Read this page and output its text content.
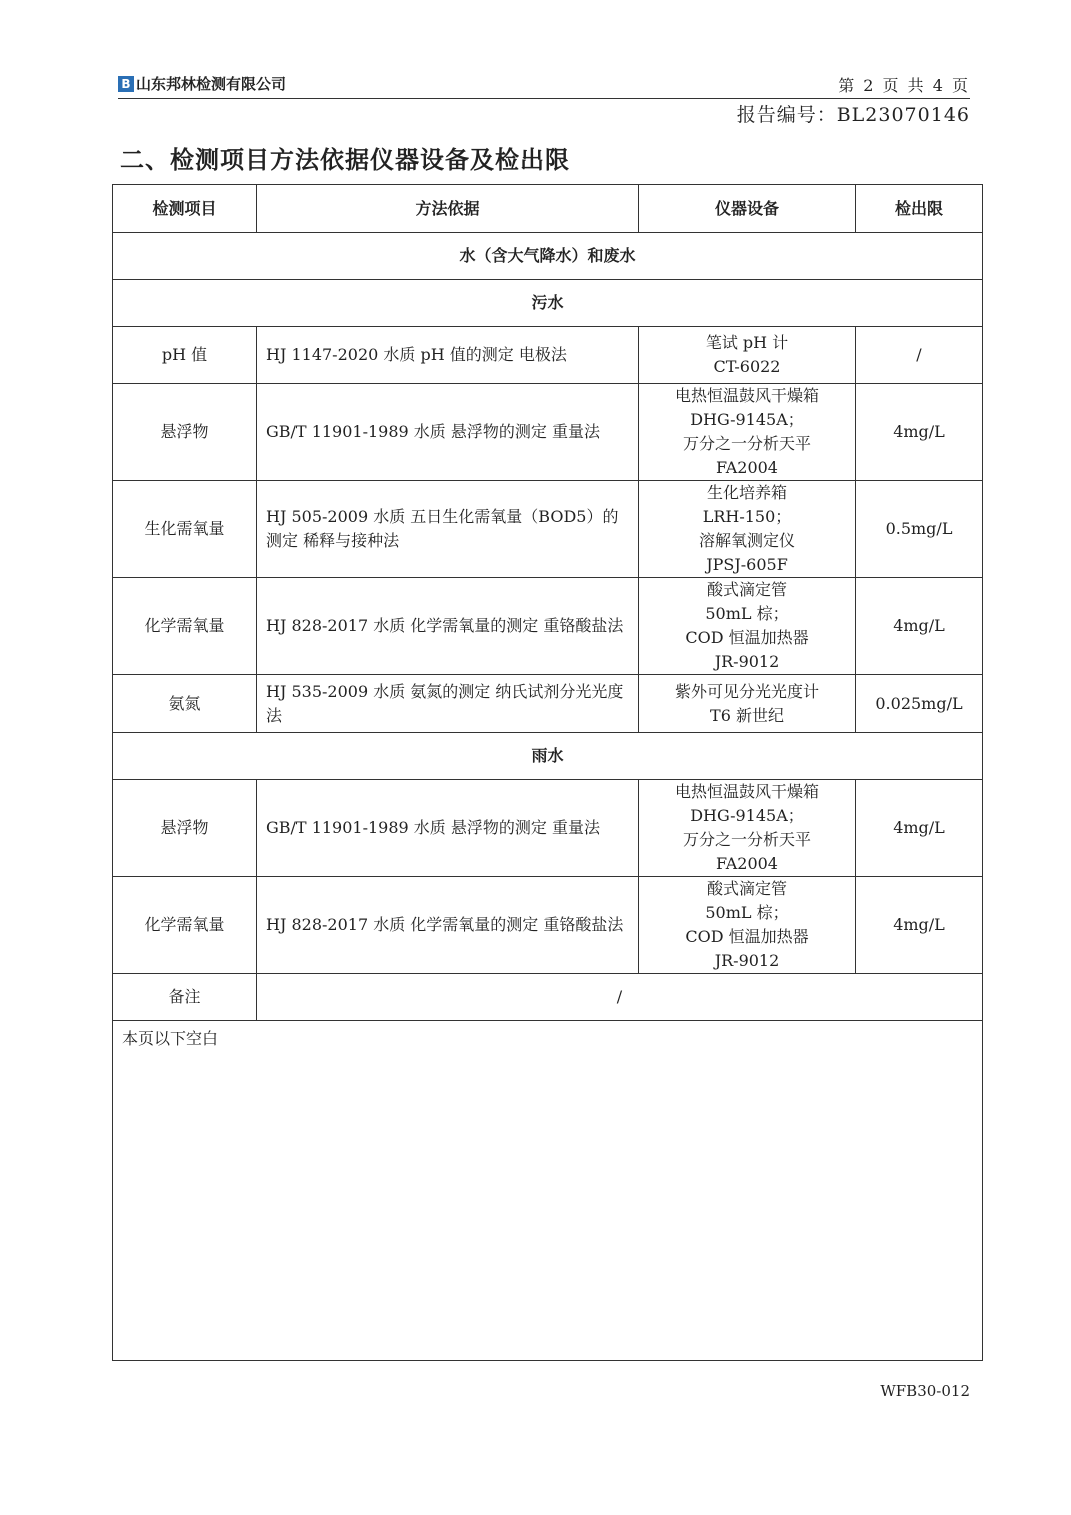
B 山东邦林检测有限公司	第 2 页 共 4 页
报告编号：BL23070146
二、检测项目方法依据仪器设备及检出限
检测项目	方法依据	仪器设备	检出限
水（含大气降水）和废水			
污水			
pH 值	HJ 1147-2020 水质 pH 值的测定 电极法	笔试 pH 计
CT-6022	/
悬浮物	GB/T 11901-1989 水质 悬浮物的测定 重量法	电热恒温鼓风干燥箱
DHG-9145A；
万分之一分析天平
FA2004	4mg/L
生化需氧量	HJ 505-2009 水质 五日生化需氧量（BOD5）的测定 稀释与接种法	生化培养箱
LRH-150；
溶解氧测定仪
JPSJ-605F	0.5mg/L
化学需氧量	HJ 828-2017 水质 化学需氧量的测定 重铬酸盐法	酸式滴定管
50mL 棕；
COD 恒温加热器
JR-9012	4mg/L
氨氮	HJ 535-2009 水质 氨氮的测定 纳氏试剂分光光度法	紫外可见分光光度计
T6 新世纪	0.025mg/L
雨水			
悬浮物	GB/T 11901-1989 水质 悬浮物的测定 重量法	电热恒温鼓风干燥箱
DHG-9145A；
万分之一分析天平
FA2004	4mg/L
化学需氧量	HJ 828-2017 水质 化学需氧量的测定 重铬酸盐法	酸式滴定管
50mL 棕；
COD 恒温加热器
JR-9012	4mg/L
备注	/		
本页以下空白			
WFB30-012
